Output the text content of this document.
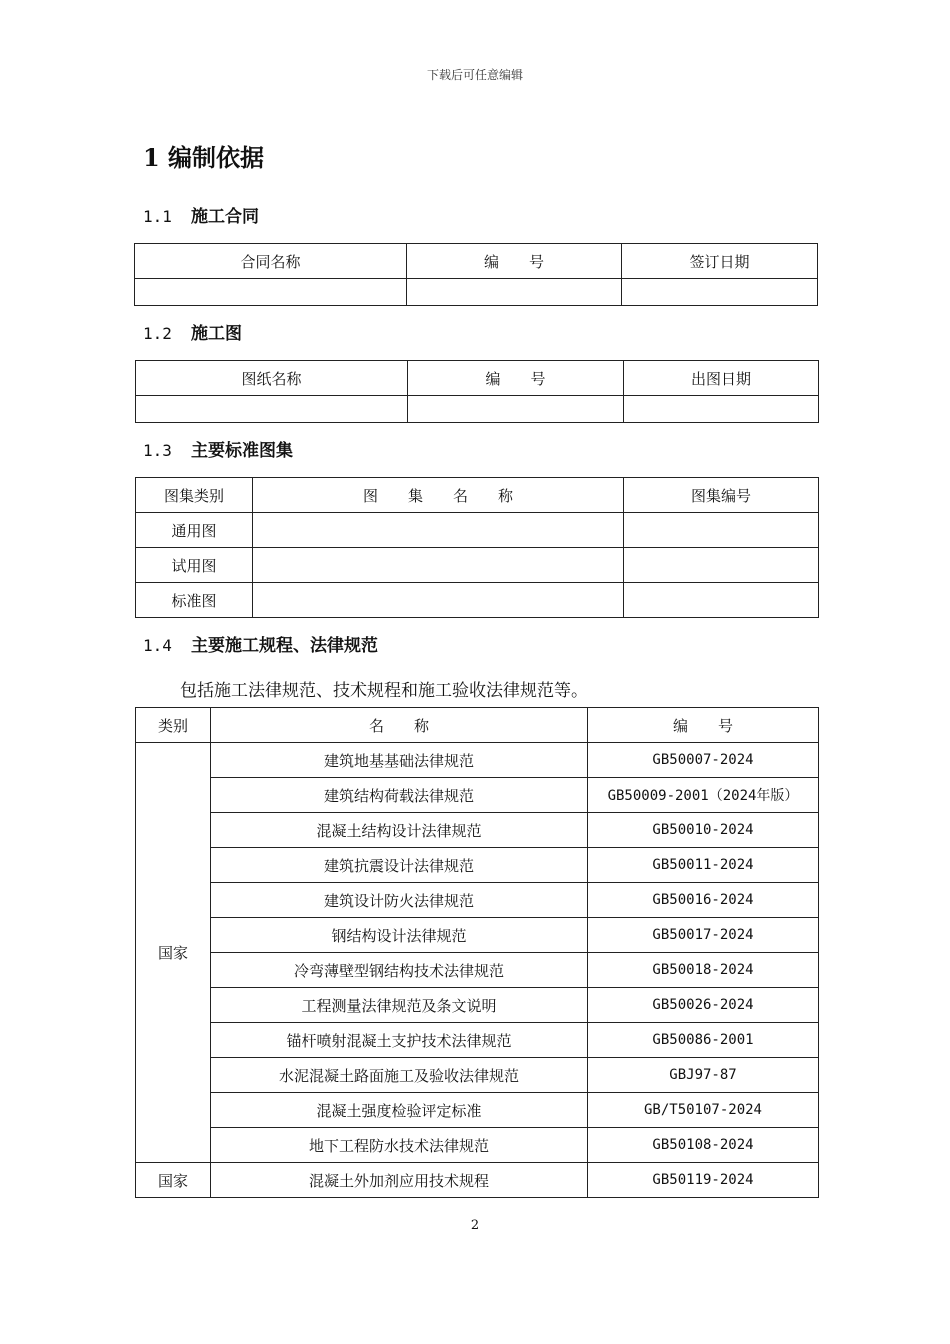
下载后可任意编辑
1 编制依据
1.1 施工合同
合同名称	编　　号	签订日期

1.2 施工图
图纸名称	编　　号	出图日期

1.3 主要标准图集
图集类别	图　　集　　名　　称	图集编号
通用图		
试用图		
标准图		
1.4 主要施工规程、法律规范
包括施工法律规范、技术规程和施工验收法律规范等。
类别	名　　称	编　　号
国家	建筑地基基础法律规范	GB50007-2024
	建筑结构荷载法律规范	GB50009-2001（2024年版）
	混凝土结构设计法律规范	GB50010-2024
	建筑抗震设计法律规范	GB50011-2024
	建筑设计防火法律规范	GB50016-2024
	钢结构设计法律规范	GB50017-2024
	冷弯薄壁型钢结构技术法律规范	GB50018-2024
	工程测量法律规范及条文说明	GB50026-2024
	锚杆喷射混凝土支护技术法律规范	GB50086-2001
	水泥混凝土路面施工及验收法律规范	GBJ97-87
	混凝土强度检验评定标准	GB/T50107-2024
	地下工程防水技术法律规范	GB50108-2024
国家	混凝土外加剂应用技术规程	GB50119-2024
2
